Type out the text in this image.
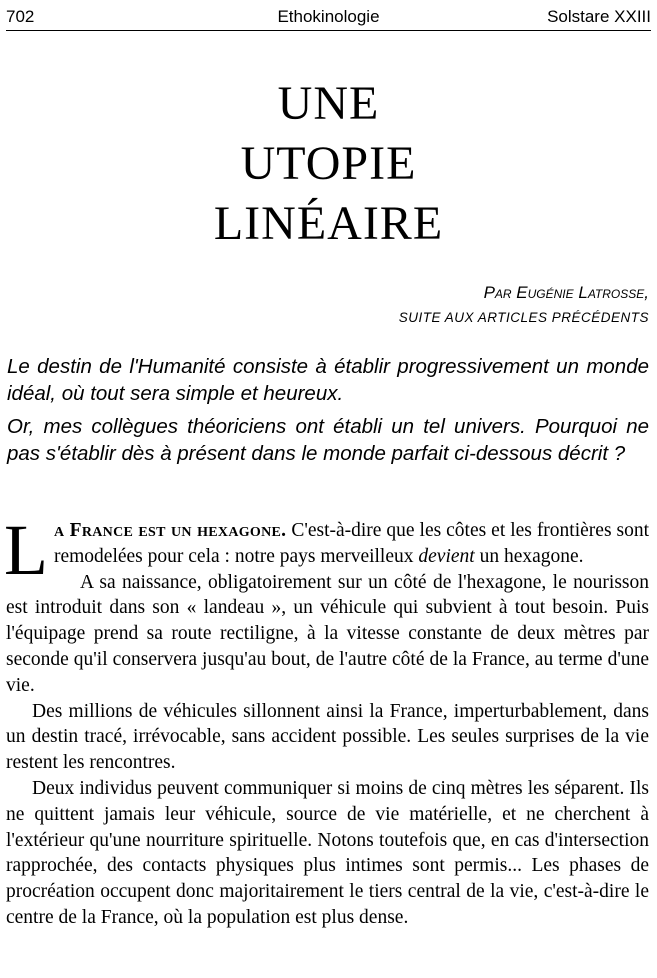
Ethokinologie
702	Solstare XXIII
UNE
UTOPIE
LINÉAIRE
Par Eugénie Latrosse,
SUITE AUX ARTICLES PRÉCÉDENTS
Le destin de l'Humanité consiste à établir progressivement un monde idéal, où tout sera simple et heureux.
Or, mes collègues théoriciens ont établi un tel univers. Pourquoi ne pas s'établir dès à présent dans le monde parfait ci-dessous décrit ?

La France est un hexagone. C'est-à-dire que les côtes et les frontières sont remodelées pour cela : notre pays merveilleux devient un hexagone.

A sa naissance, obligatoirement sur un côté de l'hexagone, le nourisson est introduit dans son « landeau », un véhicule qui subvient à tout besoin. Puis l'équipage prend sa route rectiligne, à la vitesse constante de deux mètres par seconde qu'il conservera jusqu'au bout, de l'autre côté de la France, au terme d'une vie.

Des millions de véhicules sillonnent ainsi la France, imperturbablement, dans un destin tracé, irrévocable, sans accident possible. Les seules surprises de la vie restent les rencontres.

Deux individus peuvent communiquer si moins de cinq mètres les séparent. Ils ne quittent jamais leur véhicule, source de vie matérielle, et ne cherchent à l'extérieur qu'une nourriture spirituelle. Notons toutefois que, en cas d'intersection rapprochée, des contacts physiques plus intimes sont permis... Les phases de procréation occupent donc majoritairement le tiers central de la vie, c'est-à-dire le centre de la France, où la population est plus dense.
